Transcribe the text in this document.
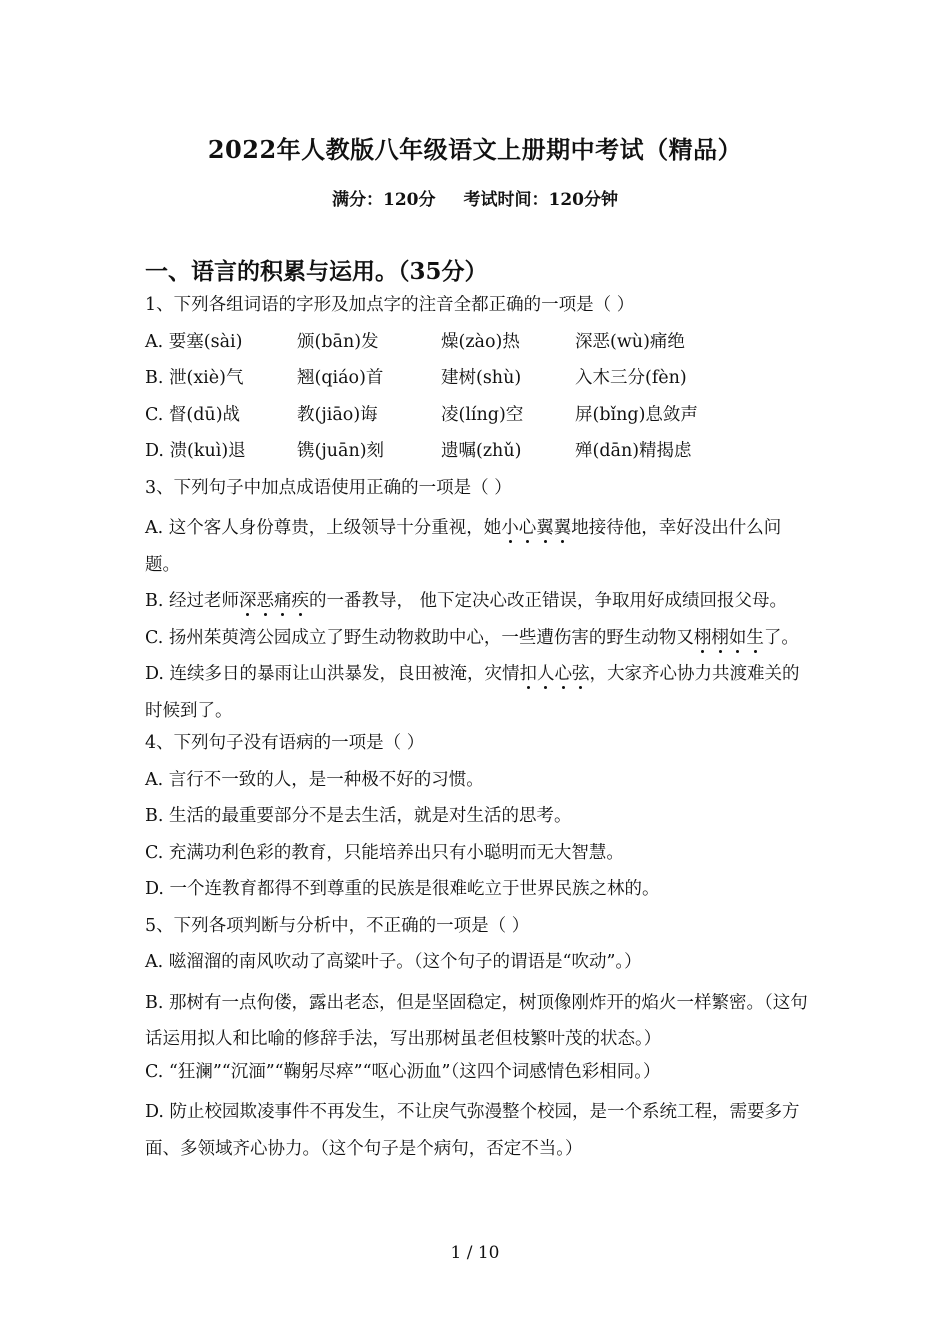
2022年人教版八年级语文上册期中考试（精品）
满分：120分 考试时间：120分钟
一、语言的积累与运用。（35分）
1、下列各组词语的字形及加点字的注音全都正确的一项是（ ）
A. 要塞(sài)	颁(bān)发	燥(zào)热	深恶(wù)痛绝
B. 泄(xiè)气	翘(qiáo)首	建树(shù)	入木三分(fèn)
C. 督(dū)战	教(jiāo)诲	凌(líng)空	屏(bǐng)息敛声
D. 溃(kuì)退	镌(juān)刻	遗嘱(zhǔ)	殚(dān)精揭虑
3、下列句子中加点成语使用正确的一项是（ ）
A. 这个客人身份尊贵，上级领导十分重视，她小心翼翼地接待他，幸好没出什么问题。
B. 经过老师深恶痛疾的一番教导， 他下定决心改正错误，争取用好成绩回报父母。
C. 扬州茱萸湾公园成立了野生动物救助中心，一些遭伤害的野生动物又栩栩如生了。
D. 连续多日的暴雨让山洪暴发，良田被淹，灾情扣人心弦，大家齐心协力共渡难关的时候到了。
4、下列句子没有语病的一项是（ ）
A. 言行不一致的人，是一种极不好的习惯。
B. 生活的最重要部分不是去生活，就是对生活的思考。
C. 充满功利色彩的教育，只能培养出只有小聪明而无大智慧。
D. 一个连教育都得不到尊重的民族是很难屹立于世界民族之林的。
5、下列各项判断与分析中，不正确的一项是（ ）
A. 嗞溜溜的南风吹动了高粱叶子。（这个句子的谓语是“吹动”。）
B. 那树有一点佝偻，露出老态，但是坚固稳定，树顶像刚炸开的焰火一样繁密。（这句话运用拟人和比喻的修辞手法，写出那树虽老但枝繁叶茂的状态。）
C. “狂澜”“沉湎”“鞠躬尽瘁”“呕心沥血”（这四个词感情色彩相同。）
D. 防止校园欺凌事件不再发生，不让戾气弥漫整个校园，是一个系统工程，需要多方面、多领域齐心协力。（这个句子是个病句，否定不当。）
1 / 10
